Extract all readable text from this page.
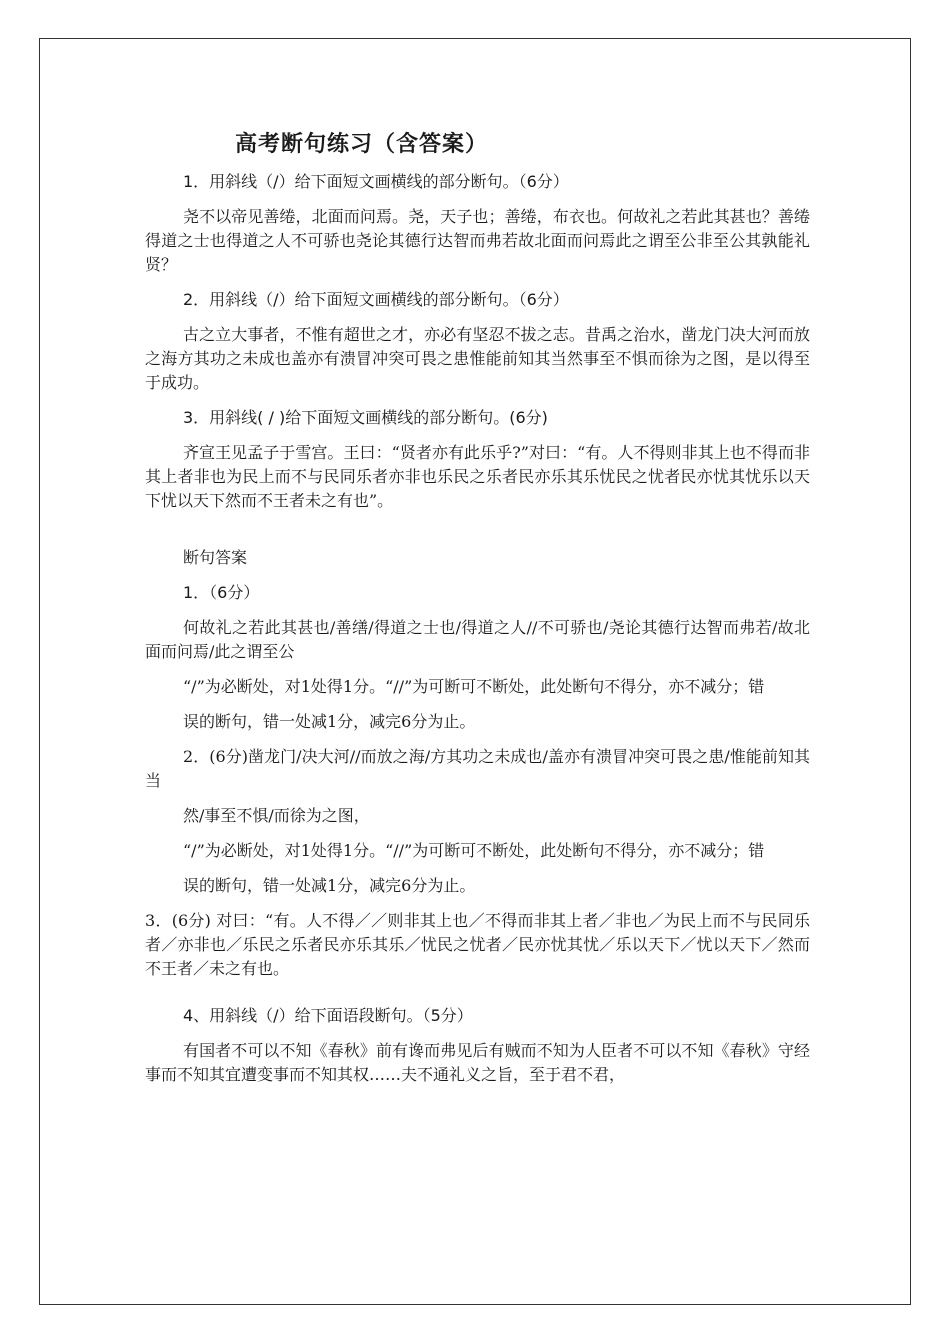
高考断句练习（含答案）
1．用斜线（/）给下面短文画横线的部分断句。（6分）
尧不以帝见善绻，北面而问焉。尧，天子也；善绻，布衣也。何故礼之若此其甚也？善绻得道之士也得道之人不可骄也尧论其德行达智而弗若故北面而问焉此之谓至公非至公其孰能礼贤？
2．用斜线（/）给下面短文画横线的部分断句。（6分）
古之立大事者，不惟有超世之才，亦必有坚忍不拔之志。昔禹之治水，凿龙门决大河而放之海方其功之未成也盖亦有溃冒冲突可畏之患惟能前知其当然事至不惧而徐为之图，是以得至于成功。
3．用斜线( / )给下面短文画横线的部分断句。(6分)
齐宣王见孟子于雪宫。王曰：“贤者亦有此乐乎?”对曰：“有。人不得则非其上也不得而非其上者非也为民上而不与民同乐者亦非也乐民之乐者民亦乐其乐忧民之忧者民亦忧其忧乐以天下忧以天下然而不王者未之有也”。
断句答案
1．（6分）
何故礼之若此其甚也/善缮/得道之士也/得道之人//不可骄也/尧论其德行达智而弗若/故北面而问焉/此之谓至公
“/”为必断处，对1处得1分。“//”为可断可不断处，此处断句不得分，亦不减分；错
误的断句，错一处减1分，减完6分为止。
2．(6分)凿龙门/决大河//而放之海/方其功之未成也/盖亦有溃冒冲突可畏之患/惟能前知其当
然/事至不惧/而徐为之图，
“/”为必断处，对1处得1分。“//”为可断可不断处，此处断句不得分，亦不减分；错
误的断句，错一处减1分，减完6分为止。
3．(6分) 对曰：“有。人不得／／则非其上也／不得而非其上者／非也／为民上而不与民同乐者／亦非也／乐民之乐者民亦乐其乐／忧民之忧者／民亦忧其忧／乐以天下／忧以天下／然而不王者／未之有也。
4、用斜线（/）给下面语段断句。（5分）
有国者不可以不知《春秋》前有谗而弗见后有贼而不知为人臣者不可以不知《春秋》守经事而不知其宜遭变事而不知其权……夫不通礼义之旨，至于君不君，
